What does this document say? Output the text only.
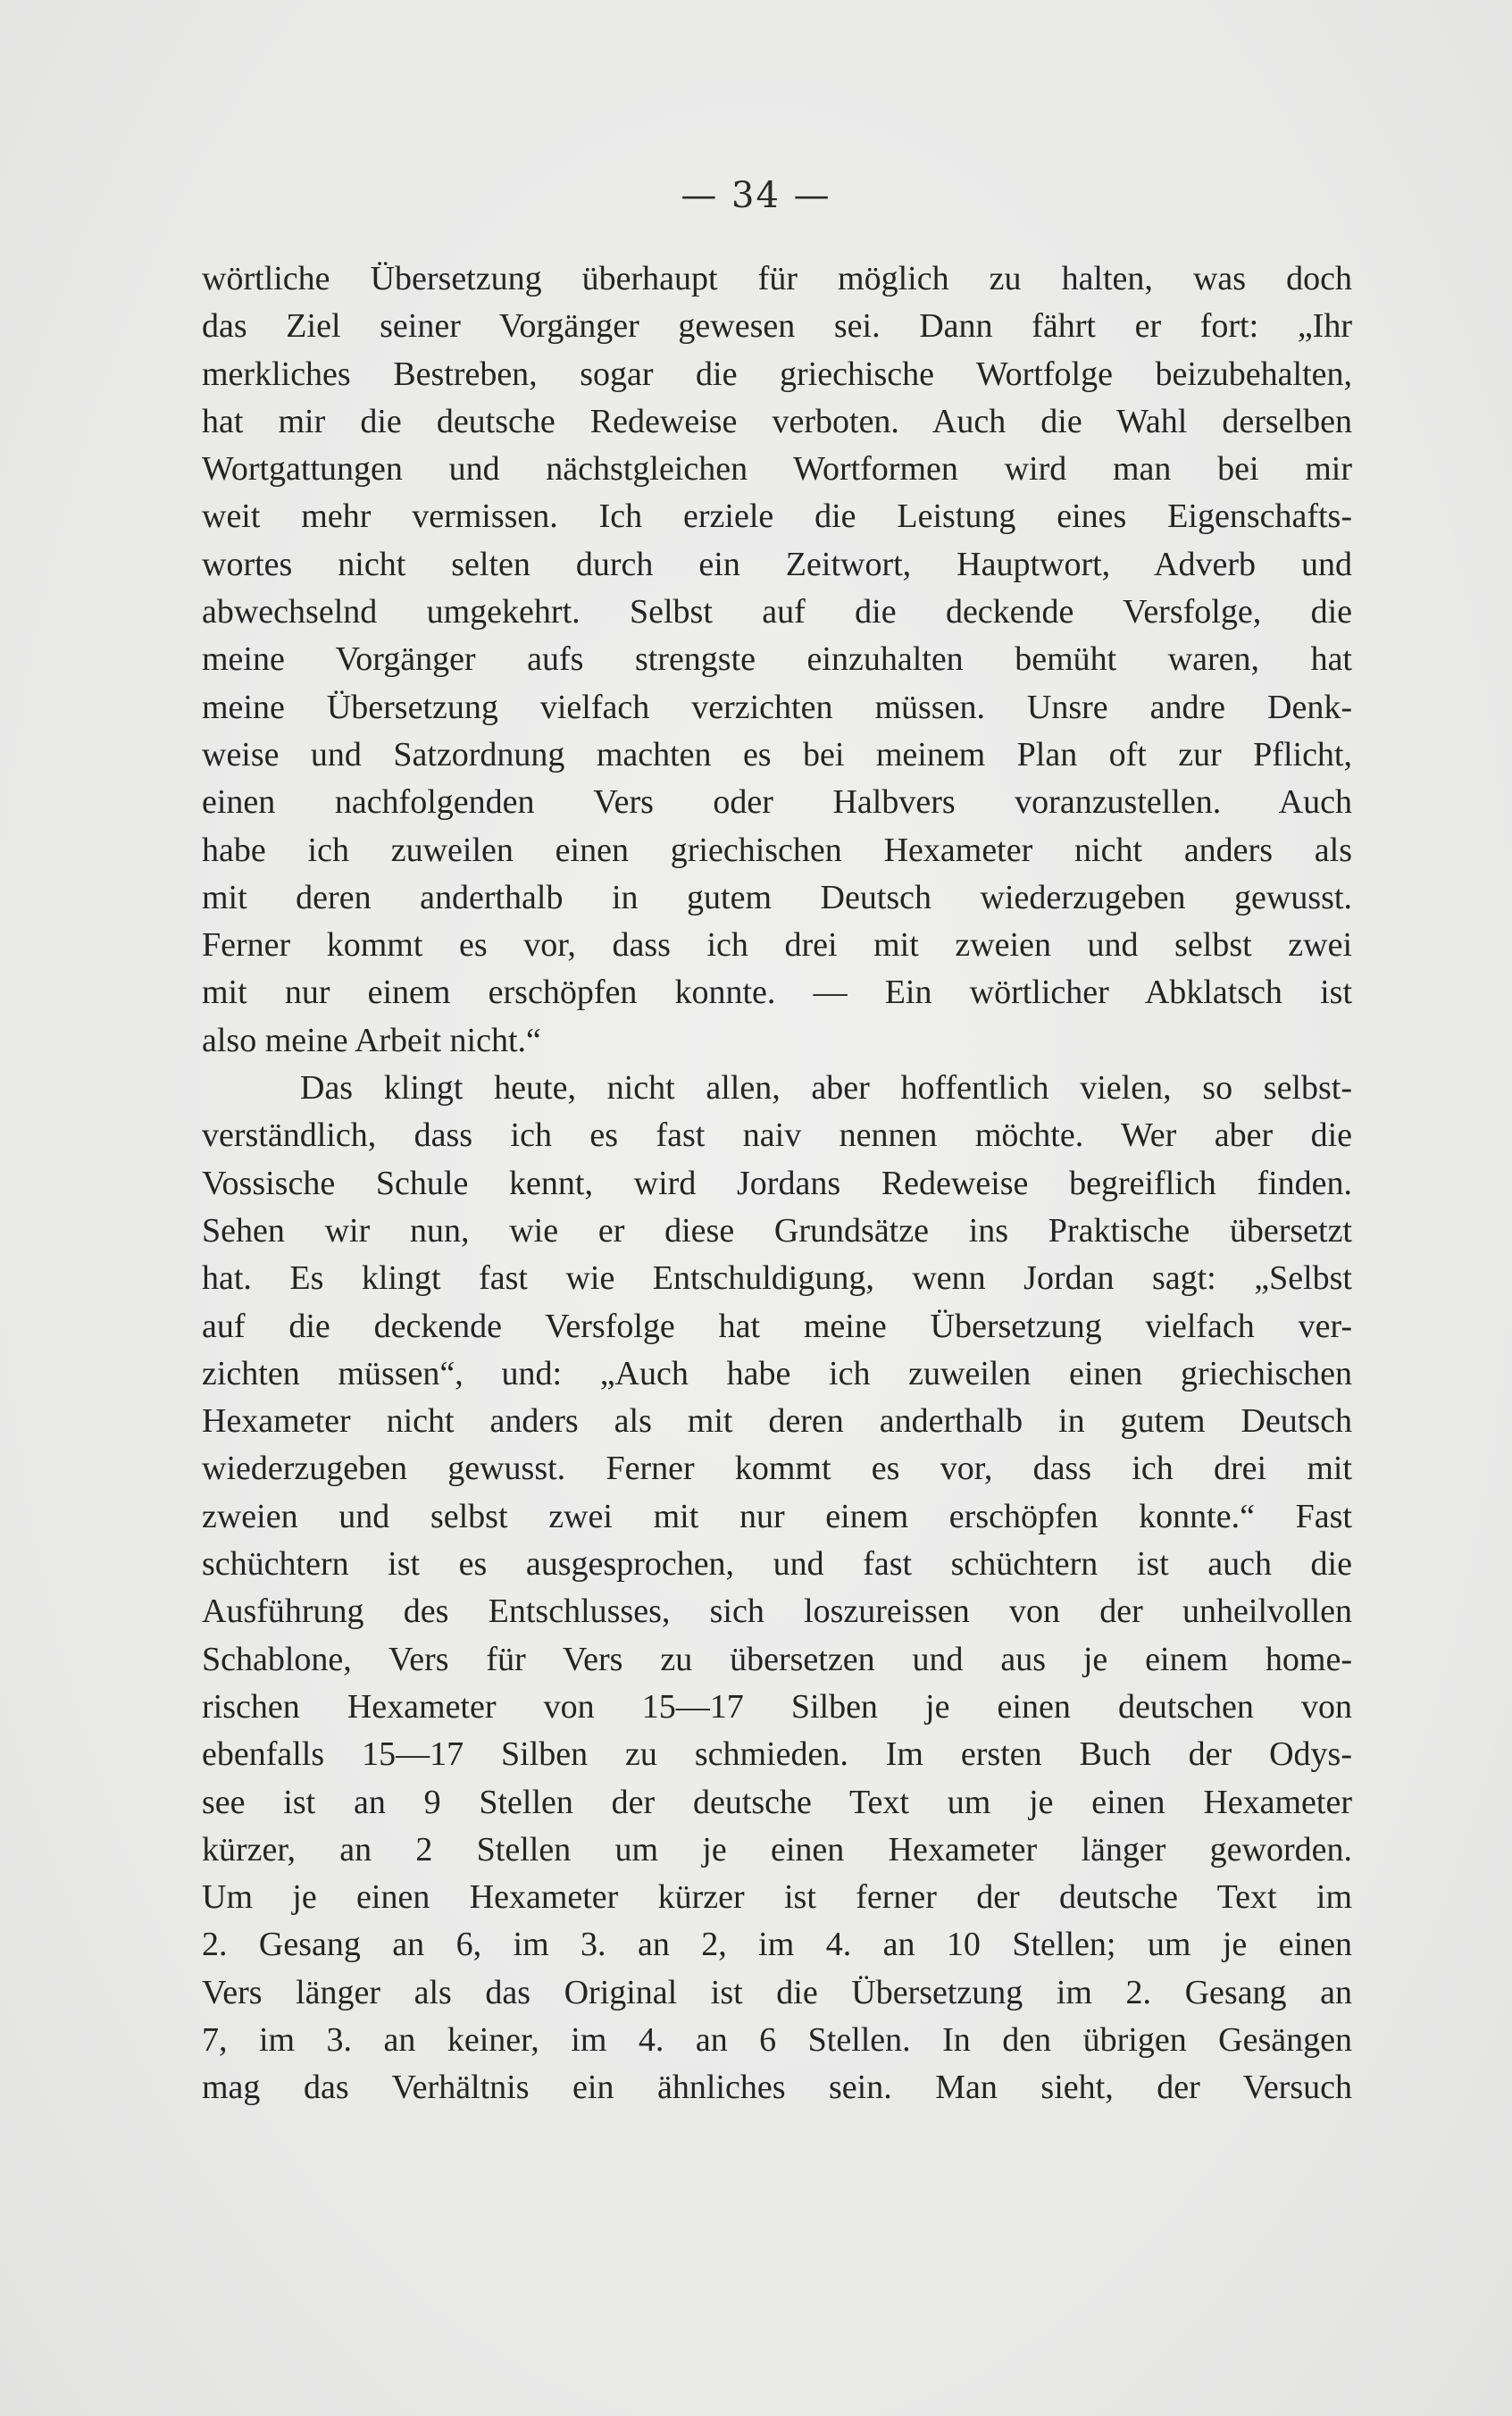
— 34 —
wörtliche Übersetzung überhaupt für möglich zu halten, was doch
das Ziel seiner Vorgänger gewesen sei. Dann fährt er fort: „Ihr
merkliches Bestreben, sogar die griechische Wortfolge beizubehalten,
hat mir die deutsche Redeweise verboten. Auch die Wahl derselben
Wortgattungen und nächstgleichen Wortformen wird man bei mir
weit mehr vermissen. Ich erziele die Leistung eines Eigenschafts-
wortes nicht selten durch ein Zeitwort, Hauptwort, Adverb und
abwechselnd umgekehrt. Selbst auf die deckende Versfolge, die
meine Vorgänger aufs strengste einzuhalten bemüht waren, hat
meine Übersetzung vielfach verzichten müssen. Unsre andre Denk-
weise und Satzordnung machten es bei meinem Plan oft zur Pflicht,
einen nachfolgenden Vers oder Halbvers voranzustellen. Auch
habe ich zuweilen einen griechischen Hexameter nicht anders als
mit deren anderthalb in gutem Deutsch wiederzugeben gewusst.
Ferner kommt es vor, dass ich drei mit zweien und selbst zwei
mit nur einem erschöpfen konnte. — Ein wörtlicher Abklatsch ist
also meine Arbeit nicht.“
Das klingt heute, nicht allen, aber hoffentlich vielen, so selbst-
verständlich, dass ich es fast naiv nennen möchte. Wer aber die
Vossische Schule kennt, wird Jordans Redeweise begreiflich finden.
Sehen wir nun, wie er diese Grundsätze ins Praktische übersetzt
hat. Es klingt fast wie Entschuldigung, wenn Jordan sagt: „Selbst
auf die deckende Versfolge hat meine Übersetzung vielfach ver-
zichten müssen“, und: „Auch habe ich zuweilen einen griechischen
Hexameter nicht anders als mit deren anderthalb in gutem Deutsch
wiederzugeben gewusst. Ferner kommt es vor, dass ich drei mit
zweien und selbst zwei mit nur einem erschöpfen konnte.“ Fast
schüchtern ist es ausgesprochen, und fast schüchtern ist auch die
Ausführung des Entschlusses, sich loszureissen von der unheilvollen
Schablone, Vers für Vers zu übersetzen und aus je einem home-
rischen Hexameter von 15—17 Silben je einen deutschen von
ebenfalls 15—17 Silben zu schmieden. Im ersten Buch der Odys-
see ist an 9 Stellen der deutsche Text um je einen Hexameter
kürzer, an 2 Stellen um je einen Hexameter länger geworden.
Um je einen Hexameter kürzer ist ferner der deutsche Text im
2. Gesang an 6, im 3. an 2, im 4. an 10 Stellen; um je einen
Vers länger als das Original ist die Übersetzung im 2. Gesang an
7, im 3. an keiner, im 4. an 6 Stellen. In den übrigen Gesängen
mag das Verhältnis ein ähnliches sein. Man sieht, der Versuch
